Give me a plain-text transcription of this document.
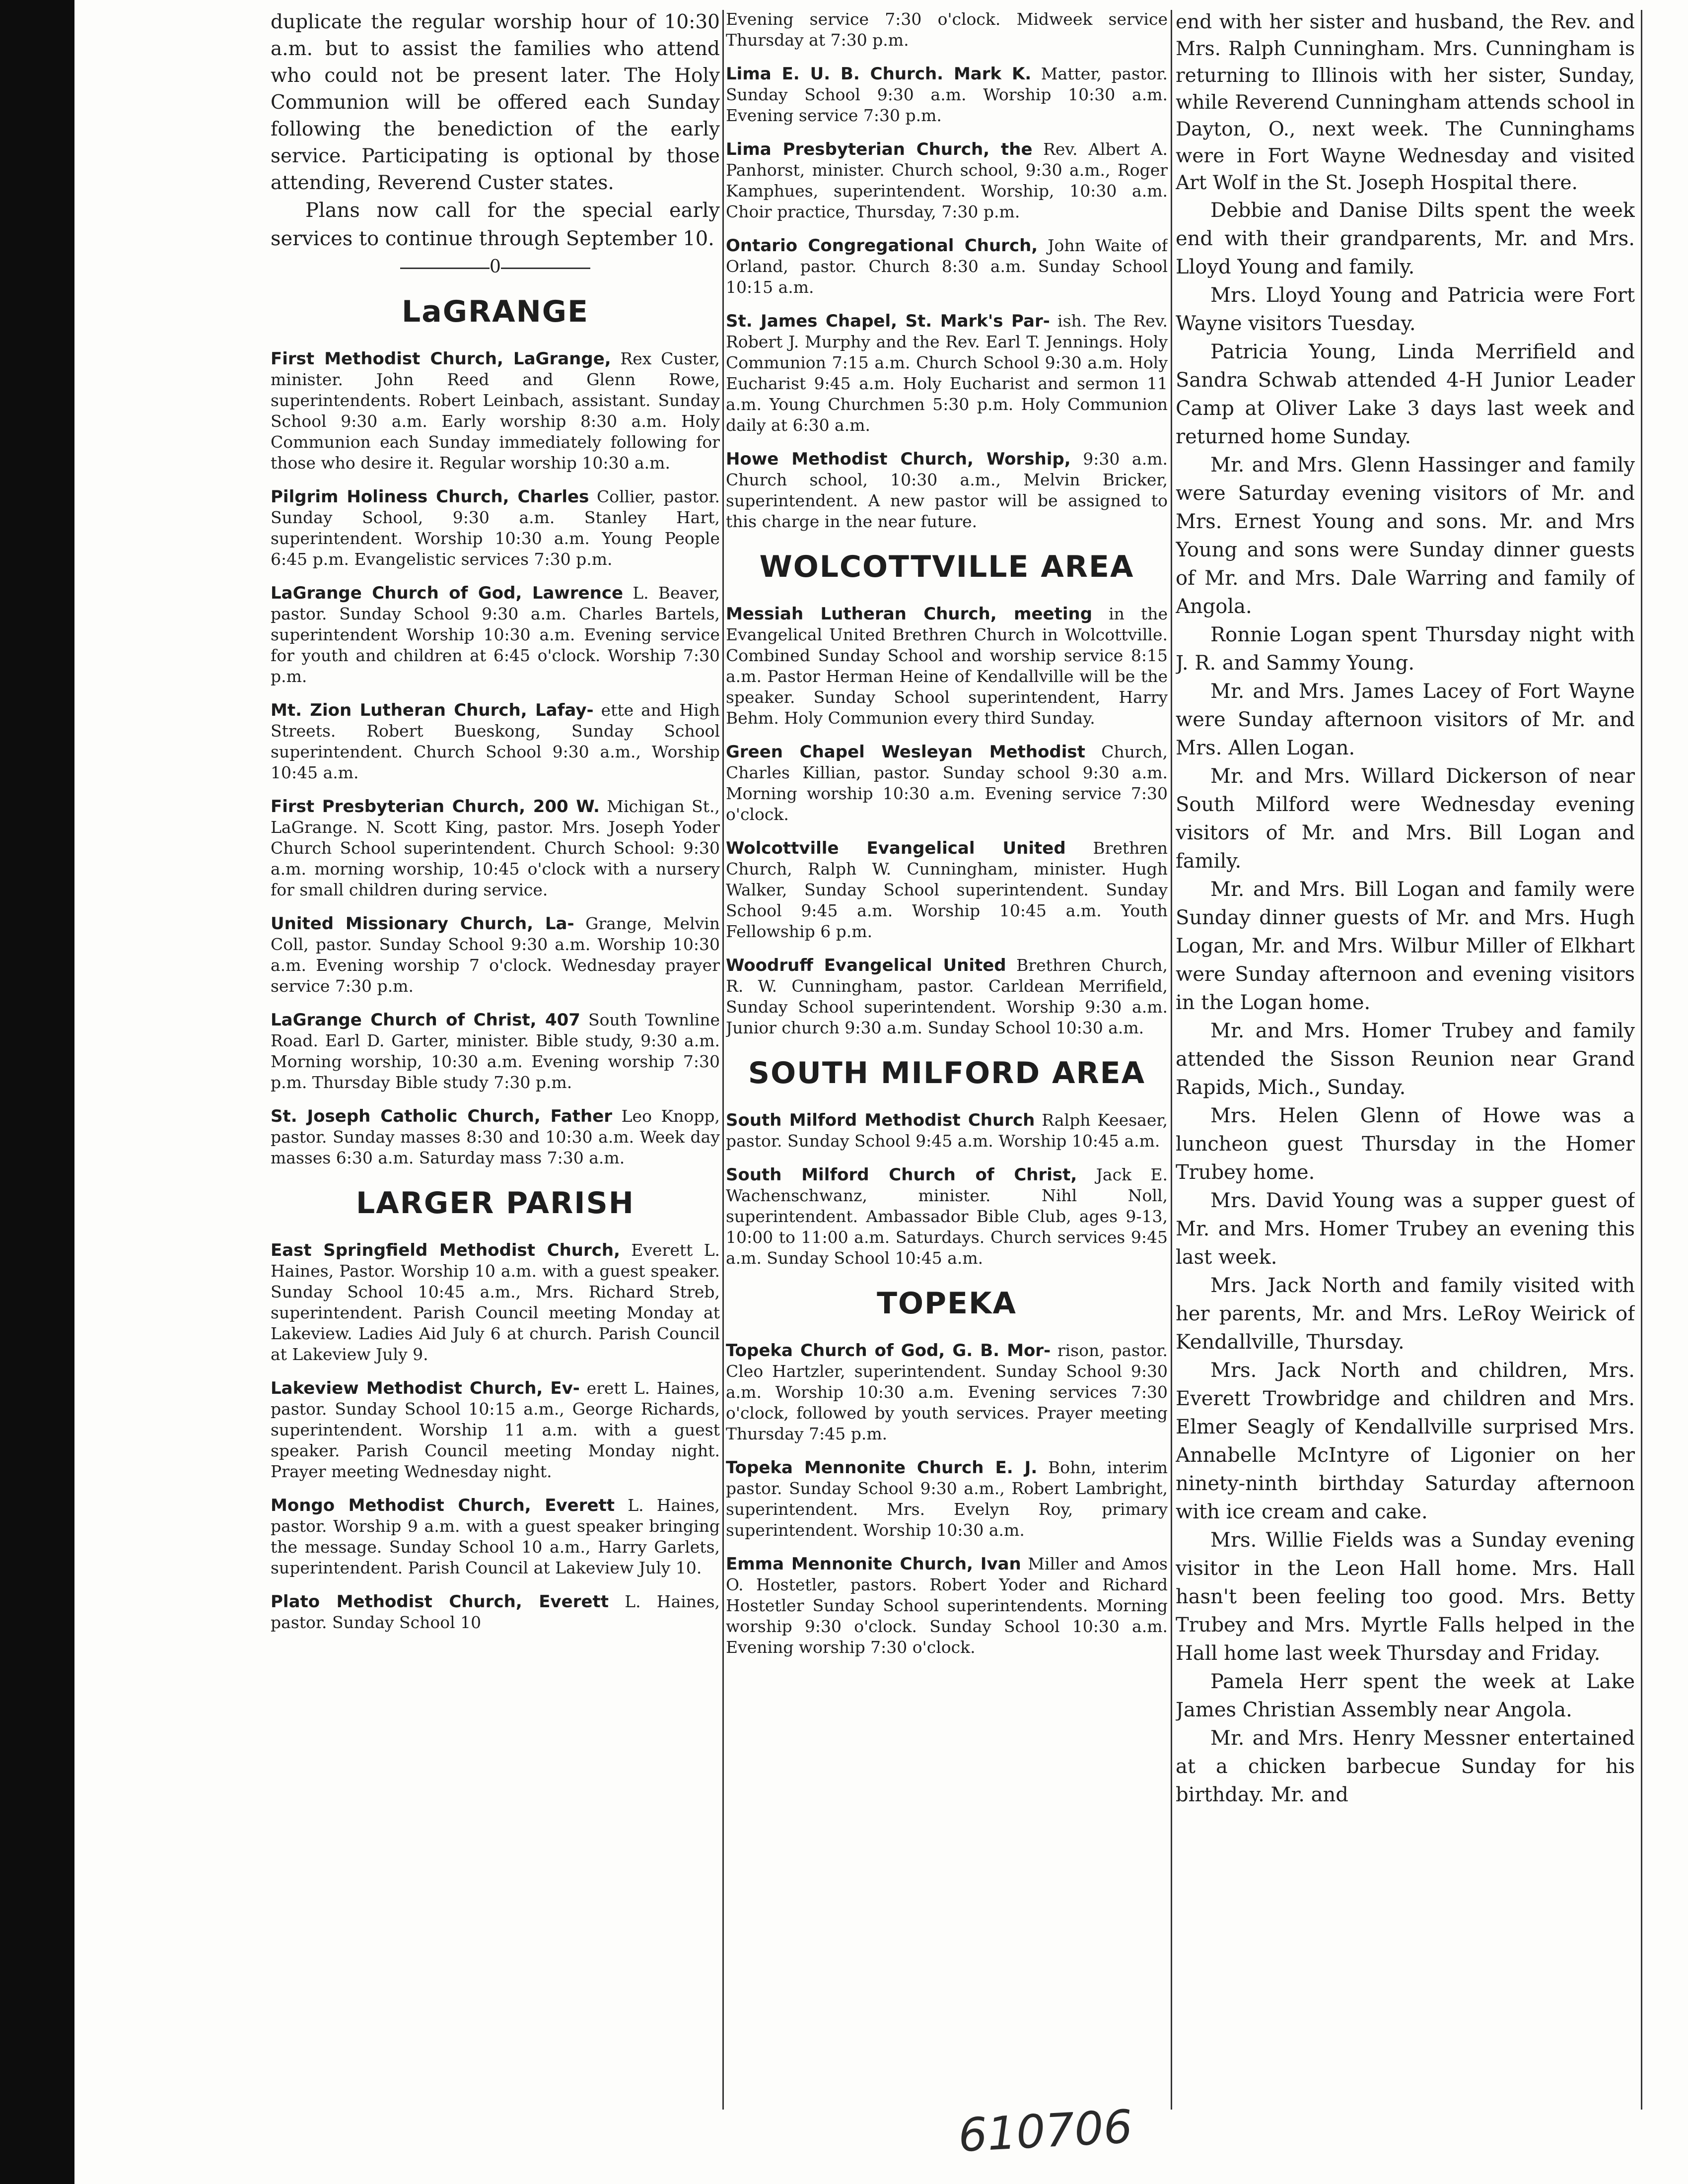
duplicate the regular worship hour of 10:30 a.m. but to assist the families who attend who could not be present later. The Holy Communion will be offered each Sunday following the benediction of the early service. Participating is optional by those attending, Reverend Custer states.

Plans now call for the special early services to continue through September 10.

0
LaGRANGE

First Methodist Church, LaGrange, Rex Custer, minister. John Reed and Glenn Rowe, superintendents. Robert Leinbach, assistant. Sunday School 9:30 a.m. Early worship 8:30 a.m. Holy Communion each Sunday immediately following for those who desire it. Regular worship 10:30 a.m.

Pilgrim Holiness Church, Charles Collier, pastor. Sunday School, 9:30 a.m. Stanley Hart, superintendent. Worship 10:30 a.m. Young People 6:45 p.m. Evangelistic services 7:30 p.m.

LaGrange Church of God, Lawrence L. Beaver, pastor. Sunday School 9:30 a.m. Charles Bartels, superintendent Worship 10:30 a.m. Evening service for youth and children at 6:45 o'clock. Worship 7:30 p.m.

Mt. Zion Lutheran Church, Lafay- ette and High Streets. Robert Bueskong, Sunday School superintendent. Church School 9:30 a.m., Worship 10:45 a.m.

First Presbyterian Church, 200 W. Michigan St., LaGrange. N. Scott King, pastor. Mrs. Joseph Yoder Church School superintendent. Church School: 9:30 a.m. morning worship, 10:45 o'clock with a nursery for small children during service.

United Missionary Church, La- Grange, Melvin Coll, pastor. Sunday School 9:30 a.m. Worship 10:30 a.m. Evening worship 7 o'clock. Wednesday prayer service 7:30 p.m.

LaGrange Church of Christ, 407 South Townline Road. Earl D. Garter, minister. Bible study, 9:30 a.m. Morning worship, 10:30 a.m. Evening worship 7:30 p.m. Thursday Bible study 7:30 p.m.

St. Joseph Catholic Church, Father Leo Knopp, pastor. Sunday masses 8:30 and 10:30 a.m. Week day masses 6:30 a.m. Saturday mass 7:30 a.m.

LARGER PARISH

East Springfield Methodist Church, Everett L. Haines, Pastor. Worship 10 a.m. with a guest speaker. Sunday School 10:45 a.m., Mrs. Richard Streb, superintendent. Parish Council meeting Monday at Lakeview. Ladies Aid July 6 at church. Parish Council at Lakeview July 9.

Lakeview Methodist Church, Ev- erett L. Haines, pastor. Sunday School 10:15 a.m., George Richards, superintendent. Worship 11 a.m. with a guest speaker. Parish Council meeting Monday night. Prayer meeting Wednesday night.

Mongo Methodist Church, Everett L. Haines, pastor. Worship 9 a.m. with a guest speaker bringing the message. Sunday School 10 a.m., Harry Garlets, superintendent. Parish Council at Lakeview July 10.

Plato Methodist Church, Everett L. Haines, pastor. Sunday School 10

Evening service 7:30 o'clock. Midweek service Thursday at 7:30 p.m.

Lima E. U. B. Church. Mark K. Matter, pastor. Sunday School 9:30 a.m. Worship 10:30 a.m. Evening service 7:30 p.m.

Lima Presbyterian Church, the Rev. Albert A. Panhorst, minister. Church school, 9:30 a.m., Roger Kamphues, superintendent. Worship, 10:30 a.m. Choir practice, Thursday, 7:30 p.m.

Ontario Congregational Church, John Waite of Orland, pastor. Church 8:30 a.m. Sunday School 10:15 a.m.

St. James Chapel, St. Mark's Par- ish. The Rev. Robert J. Murphy and the Rev. Earl T. Jennings. Holy Communion 7:15 a.m. Church School 9:30 a.m. Holy Eucharist 9:45 a.m. Holy Eucharist and sermon 11 a.m. Young Churchmen 5:30 p.m. Holy Communion daily at 6:30 a.m.

Howe Methodist Church, Worship, 9:30 a.m. Church school, 10:30 a.m., Melvin Bricker, superintendent. A new pastor will be assigned to this charge in the near future.

WOLCOTTVILLE AREA

Messiah Lutheran Church, meeting in the Evangelical United Brethren Church in Wolcottville. Combined Sunday School and worship service 8:15 a.m. Pastor Herman Heine of Kendallville will be the speaker. Sunday School superintendent, Harry Behm. Holy Communion every third Sunday.

Green Chapel Wesleyan Methodist Church, Charles Killian, pastor. Sunday school 9:30 a.m. Morning worship 10:30 a.m. Evening service 7:30 o'clock.

Wolcottville Evangelical United Brethren Church, Ralph W. Cunningham, minister. Hugh Walker, Sunday School superintendent. Sunday School 9:45 a.m. Worship 10:45 a.m. Youth Fellowship 6 p.m.

Woodruff Evangelical United Brethren Church, R. W. Cunningham, pastor. Carldean Merrifield, Sunday School superintendent. Worship 9:30 a.m. Junior church 9:30 a.m. Sunday School 10:30 a.m.

SOUTH MILFORD AREA

South Milford Methodist Church Ralph Keesaer, pastor. Sunday School 9:45 a.m. Worship 10:45 a.m.

South Milford Church of Christ, Jack E. Wachenschwanz, minister. Nihl Noll, superintendent. Ambassador Bible Club, ages 9-13, 10:00 to 11:00 a.m. Saturdays. Church services 9:45 a.m. Sunday School 10:45 a.m.

TOPEKA

Topeka Church of God, G. B. Mor- rison, pastor. Cleo Hartzler, superintendent. Sunday School 9:30 a.m. Worship 10:30 a.m. Evening services 7:30 o'clock, followed by youth services. Prayer meeting Thursday 7:45 p.m.

Topeka Mennonite Church E. J. Bohn, interim pastor. Sunday School 9:30 a.m., Robert Lambright, superintendent. Mrs. Evelyn Roy, primary superintendent. Worship 10:30 a.m.

Emma Mennonite Church, Ivan Miller and Amos O. Hostetler, pastors. Robert Yoder and Richard Hostetler Sunday School superintendents. Morning worship 9:30 o'clock. Sunday School 10:30 a.m. Evening worship 7:30 o'clock.

end with her sister and husband, the Rev. and Mrs. Ralph Cunningham. Mrs. Cunningham is returning to Illinois with her sister, Sunday, while Reverend Cunningham attends school in Dayton, O., next week. The Cunninghams were in Fort Wayne Wednesday and visited Art Wolf in the St. Joseph Hospital there.

Debbie and Danise Dilts spent the week end with their grandparents, Mr. and Mrs. Lloyd Young and family.

Mrs. Lloyd Young and Patricia were Fort Wayne visitors Tuesday.

Patricia Young, Linda Merrifield and Sandra Schwab attended 4-H Junior Leader Camp at Oliver Lake 3 days last week and returned home Sunday.

Mr. and Mrs. Glenn Hassinger and family were Saturday evening visitors of Mr. and Mrs. Ernest Young and sons. Mr. and Mrs Young and sons were Sunday dinner guests of Mr. and Mrs. Dale Warring and family of Angola.

Ronnie Logan spent Thursday night with J. R. and Sammy Young.

Mr. and Mrs. James Lacey of Fort Wayne were Sunday afternoon visitors of Mr. and Mrs. Allen Logan.

Mr. and Mrs. Willard Dickerson of near South Milford were Wednesday evening visitors of Mr. and Mrs. Bill Logan and family.

Mr. and Mrs. Bill Logan and family were Sunday dinner guests of Mr. and Mrs. Hugh Logan, Mr. and Mrs. Wilbur Miller of Elkhart were Sunday afternoon and evening visitors in the Logan home.

Mr. and Mrs. Homer Trubey and family attended the Sisson Reunion near Grand Rapids, Mich., Sunday.

Mrs. Helen Glenn of Howe was a luncheon guest Thursday in the Homer Trubey home.

Mrs. David Young was a supper guest of Mr. and Mrs. Homer Trubey an evening this last week.

Mrs. Jack North and family visited with her parents, Mr. and Mrs. LeRoy Weirick of Kendallville, Thursday.

Mrs. Jack North and children, Mrs. Everett Trowbridge and children and Mrs. Elmer Seagly of Kendallville surprised Mrs. Annabelle McIntyre of Ligonier on her ninety-ninth birthday Saturday afternoon with ice cream and cake.

Mrs. Willie Fields was a Sunday evening visitor in the Leon Hall home. Mrs. Hall hasn't been feeling too good. Mrs. Betty Trubey and Mrs. Myrtle Falls helped in the Hall home last week Thursday and Friday.

Pamela Herr spent the week at Lake James Christian Assembly near Angola.

Mr. and Mrs. Henry Messner entertained at a chicken barbecue Sunday for his birthday. Mr. and

610706
